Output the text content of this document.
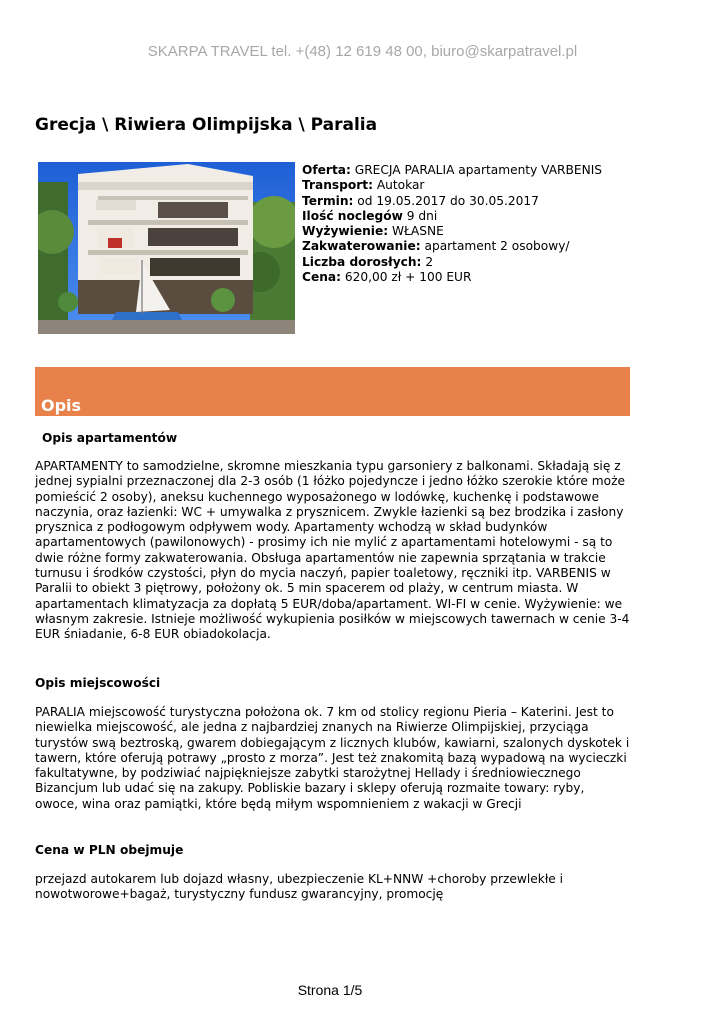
SKARPA TRAVEL tel. +(48) 12 619 48 00, biuro@skarpatravel.pl
Grecja \ Riwiera Olimpijska \ Paralia
Oferta: GRECJA PARALIA apartamenty VARBENIS
Transport: Autokar
Termin: od 19.05.2017 do 30.05.2017
Ilość noclegów 9 dni
Wyżywienie: WŁASNE
Zakwaterowanie: apartament 2 osobowy/
Liczba dorosłych: 2
Cena: 620,00 zł + 100 EUR
Opis
Opis apartamentów
APARTAMENTY to samodzielne, skromne mieszkania typu garsoniery z balkonami. Składają się z
jednej sypialni przeznaczonej dla 2-3 osób (1 łóżko pojedyncze i jedno łóżko szerokie które może
pomieścić 2 osoby), aneksu kuchennego wyposażonego w lodówkę, kuchenkę i podstawowe
naczynia, oraz łazienki: WC + umywalka z prysznicem. Zwykle łazienki są bez brodzika i zasłony
prysznica z podłogowym odpływem wody. Apartamenty wchodzą w skład budynków
apartamentowych (pawilonowych) - prosimy ich nie mylić z apartamentami hotelowymi - są to
dwie różne formy zakwaterowania. Obsługa apartamentów nie zapewnia sprzątania w trakcie
turnusu i środków czystości, płyn do mycia naczyń, papier toaletowy, ręczniki itp. VARBENIS w
Paralii to obiekt 3 piętrowy, położony ok. 5 min spacerem od plaży, w centrum miasta. W
apartamentach klimatyzacja za dopłatą 5 EUR/doba/apartament. WI-FI w cenie. Wyżywienie: we
własnym zakresie. Istnieje możliwość wykupienia posiłków w miejscowych tawernach w cenie 3-4
EUR śniadanie, 6-8 EUR obiadokolacja.
Opis miejscowości
PARALIA miejscowość turystyczna położona ok. 7 km od stolicy regionu Pieria – Katerini. Jest to
niewielka miejscowość, ale jedna z najbardziej znanych na Riwierze Olimpijskiej, przyciąga
turystów swą beztroską, gwarem dobiegającym z licznych klubów, kawiarni, szalonych dyskotek i
tawern, które oferują potrawy „prosto z morza”. Jest też znakomitą bazą wypadową na wycieczki
fakultatywne, by podziwiać najpiękniejsze zabytki starożytnej Hellady i średniowiecznego
Bizancjum lub udać się na zakupy. Pobliskie bazary i sklepy oferują rozmaite towary: ryby,
owoce, wina oraz pamiątki, które będą miłym wspomnieniem z wakacji w Grecji
Cena w PLN obejmuje
przejazd autokarem lub dojazd własny, ubezpieczenie KL+NNW +choroby przewlekłe i
nowotworowe+bagaż, turystyczny fundusz gwarancyjny, promocję
Strona 1/5
